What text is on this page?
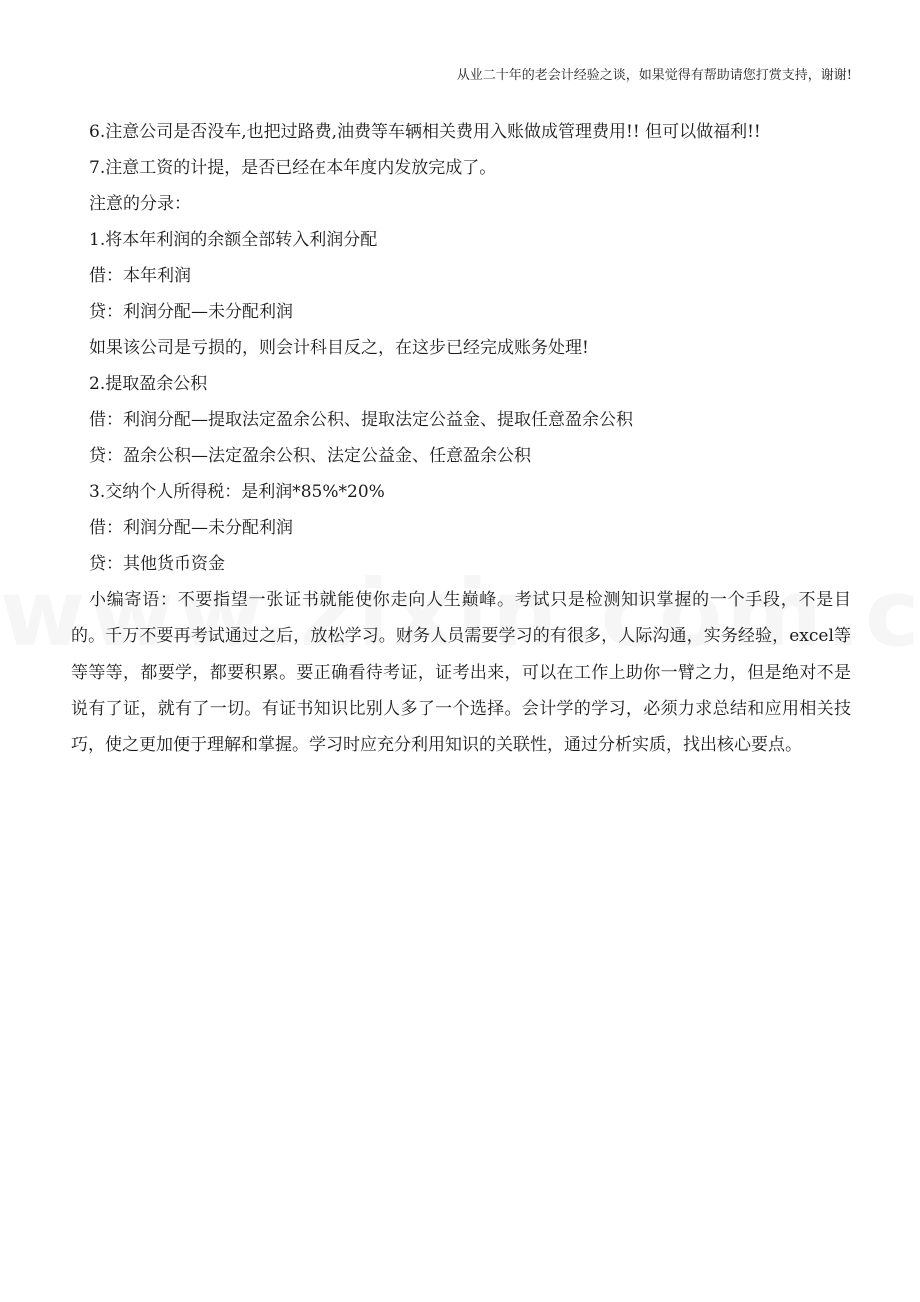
从业二十年的老会计经验之谈，如果觉得有帮助请您打赏支持，谢谢!
6.注意公司是否没车,也把过路费,油费等车辆相关费用入账做成管理费用!! 但可以做福利!!
7.注意工资的计提，是否已经在本年度内发放完成了。
注意的分录：
1.将本年利润的余额全部转入利润分配
借：本年利润
贷：利润分配—未分配利润
如果该公司是亏损的，则会计科目反之，在这步已经完成账务处理!
2.提取盈余公积
借：利润分配—提取法定盈余公积、提取法定公益金、提取任意盈余公积
贷：盈余公积—法定盈余公积、法定公益金、任意盈余公积
3.交纳个人所得税：是利润*85%*20%
借：利润分配—未分配利润
贷：其他货币资金
小编寄语：不要指望一张证书就能使你走向人生巅峰。考试只是检测知识掌握的一个手段，不是目的。千万不要再考试通过之后，放松学习。财务人员需要学习的有很多，人际沟通，实务经验，excel等等等等，都要学，都要积累。要正确看待考证，证考出来，可以在工作上助你一臂之力，但是绝对不是说有了证，就有了一切。有证书知识比别人多了一个选择。会计学的学习，必须力求总结和应用相关技巧，使之更加便于理解和掌握。学习时应充分利用知识的关联性，通过分析实质，找出核心要点。
